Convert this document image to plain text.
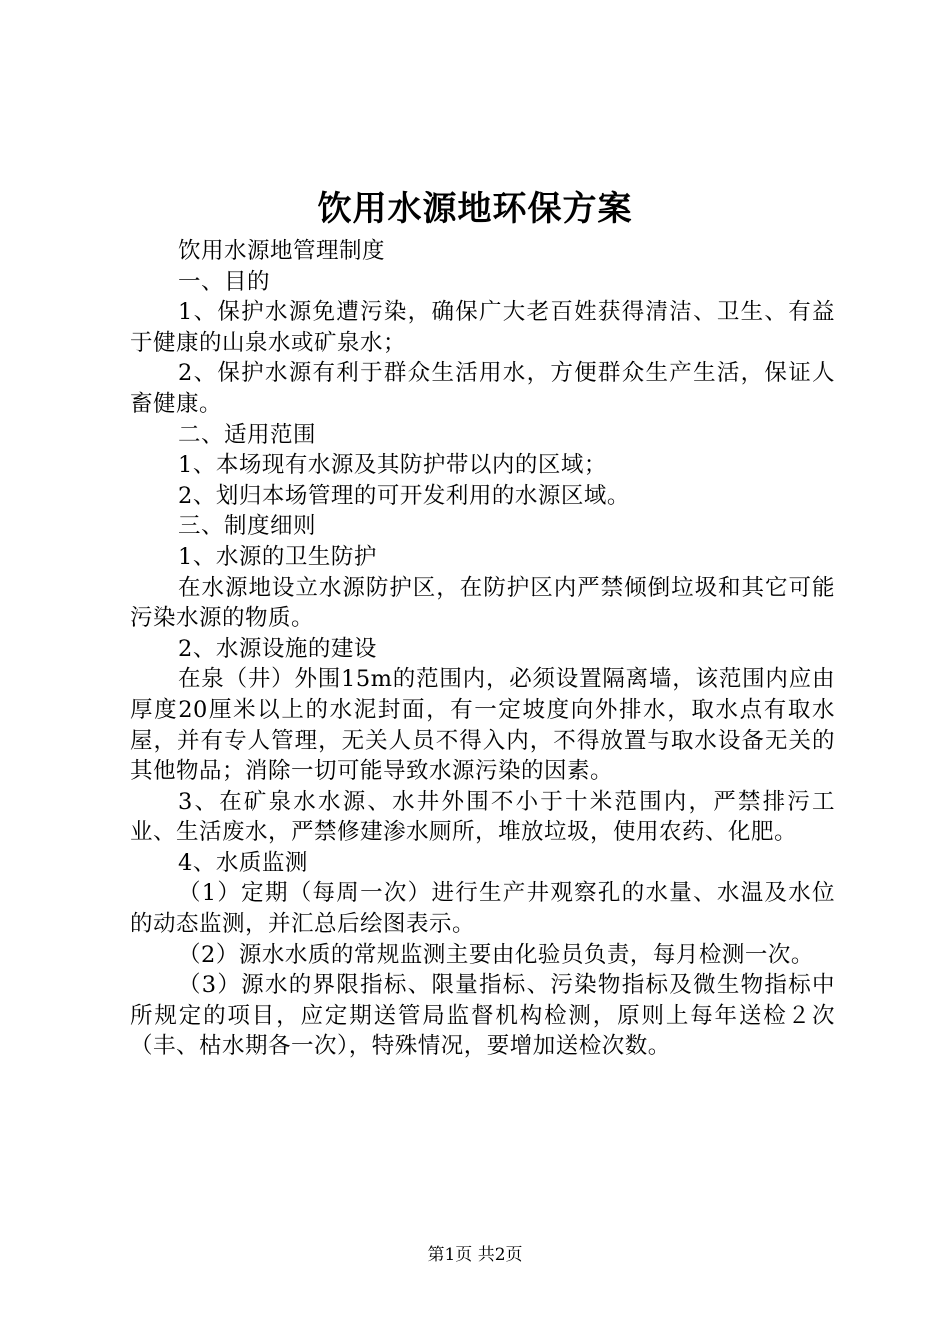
饮用水源地环保方案

饮用水源地管理制度

一、目的

1、保护水源免遭污染，确保广大老百姓获得清洁、卫生、有益于健康的山泉水或矿泉水；

2、保护水源有利于群众生活用水，方便群众生产生活，保证人畜健康。

二、适用范围

1、本场现有水源及其防护带以内的区域；

2、划归本场管理的可开发利用的水源区域。

三、制度细则

1、水源的卫生防护

在水源地设立水源防护区，在防护区内严禁倾倒垃圾和其它可能污染水源的物质。

2、水源设施的建设

在泉（井）外围15m的范围内，必须设置隔离墙，该范围内应由厚度20厘米以上的水泥封面，有一定坡度向外排水，取水点有取水屋，并有专人管理，无关人员不得入内，不得放置与取水设备无关的其他物品；消除一切可能导致水源污染的因素。

3、在矿泉水水源、水井外围不小于十米范围内，严禁排污工业、生活废水，严禁修建渗水厕所，堆放垃圾，使用农药、化肥。

4、水质监测

（1）定期（每周一次）进行生产井观察孔的水量、水温及水位的动态监测，并汇总后绘图表示。

（2）源水水质的常规监测主要由化验员负责，每月检测一次。

（3）源水的界限指标、限量指标、污染物指标及微生物指标中所规定的项目，应定期送管局监督机构检测，原则上每年送检２次（丰、枯水期各一次），特殊情况，要增加送检次数。

第1页 共2页
